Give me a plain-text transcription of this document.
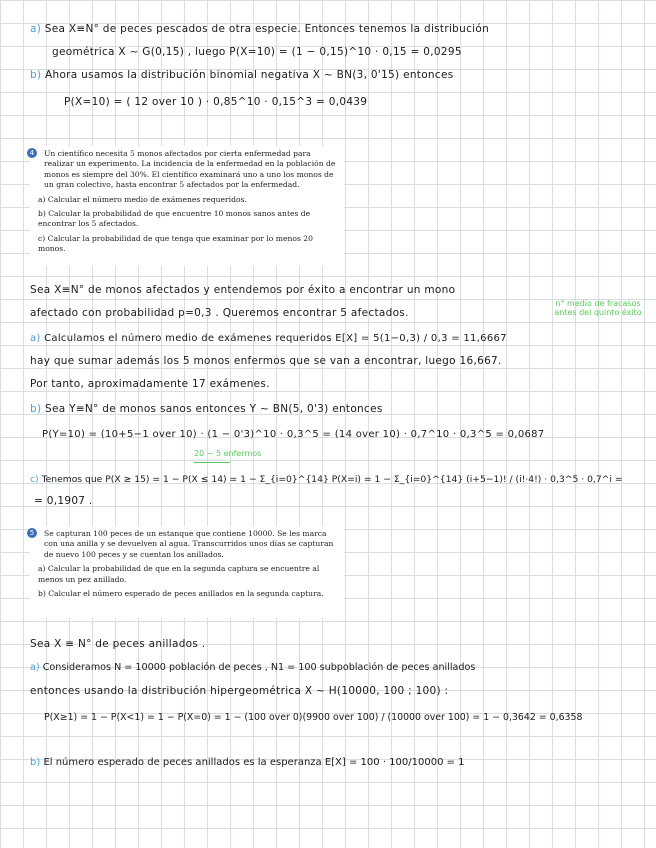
a) Sea X≡N° de peces pescados de otra especie. Entonces tenemos la distribución
geométrica X ~ G(0,15) , luego P(X=10) = (1 − 0,15)^10 · 0,15 = 0,0295
b) Ahora usamos la distribución binomial negativa X ~ BN(3, 0'15) entonces
P(X=10) = ( 12 over 10 ) · 0,85^10 · 0,15^3 = 0,0439
4	Un científico necesita 5 monos afectados por cierta enfermedad para realizar un experimento. La incidencia de la enfermedad en la población de monos es siempre del 30%. El científico examinará uno a uno los monos de un gran colectivo, hasta encontrar 5 afectados por la enfermedad.

a) Calcular el número medio de exámenes requeridos.

b) Calcular la probabilidad de que encuentre 10 monos sanos antes de encontrar los 5 afectados.

c) Calcular la probabilidad de que tenga que examinar por lo menos 20 monos.

Sea X≡N° de monos afectados y entendemos por éxito a encontrar un mono
afectado con probabilidad p=0,3 . Queremos encontrar 5 afectados.
n° medio de fracasos antes del quinto éxito
a) Calculamos el número medio de exámenes requeridos E[X] = 5(1−0,3) / 0,3 = 11,6667
hay que sumar además los 5 monos enfermos que se van a encontrar, luego 16,667.
Por tanto, aproximadamente 17 exámenes.
b) Sea Y≡N° de monos sanos entonces Y ~ BN(5, 0'3) entonces
P(Y=10) = (10+5−1 over 10) · (1 − 0'3)^10 · 0,3^5 = (14 over 10) · 0,7^10 · 0,3^5 = 0,0687
20 − 5 enfermos
c) Tenemos que P(X ≥ 15) = 1 − P(X ≤ 14) = 1 − Σ_{i=0}^{14} P(X=i) = 1 − Σ_{i=0}^{14} (i+5−1)! / (i!·4!) · 0,3^5 · 0,7^i =
= 0,1907 .
5	Se capturan 100 peces de un estanque que contiene 10000. Se les marca con una anilla y se devuelven al agua. Transcurridos unos días se capturan de nuevo 100 peces y se cuentan los anillados.

a) Calcular la probabilidad de que en la segunda captura se encuentre al menos un pez anillado.

b) Calcular el número esperado de peces anillados en la segunda captura.

Sea X ≡ N° de peces anillados .
a) Consideramos N = 10000 población de peces , N1 = 100 subpoblación de peces anillados
entonces usando la distribución hipergeométrica X ~ H(10000, 100 ; 100) :
P(X≥1) = 1 − P(X<1) = 1 − P(X=0) = 1 − (100 over 0)(9900 over 100) / (10000 over 100) = 1 − 0,3642 = 0,6358
b) El número esperado de peces anillados es la esperanza E[X] = 100 · 100/10000 = 1
